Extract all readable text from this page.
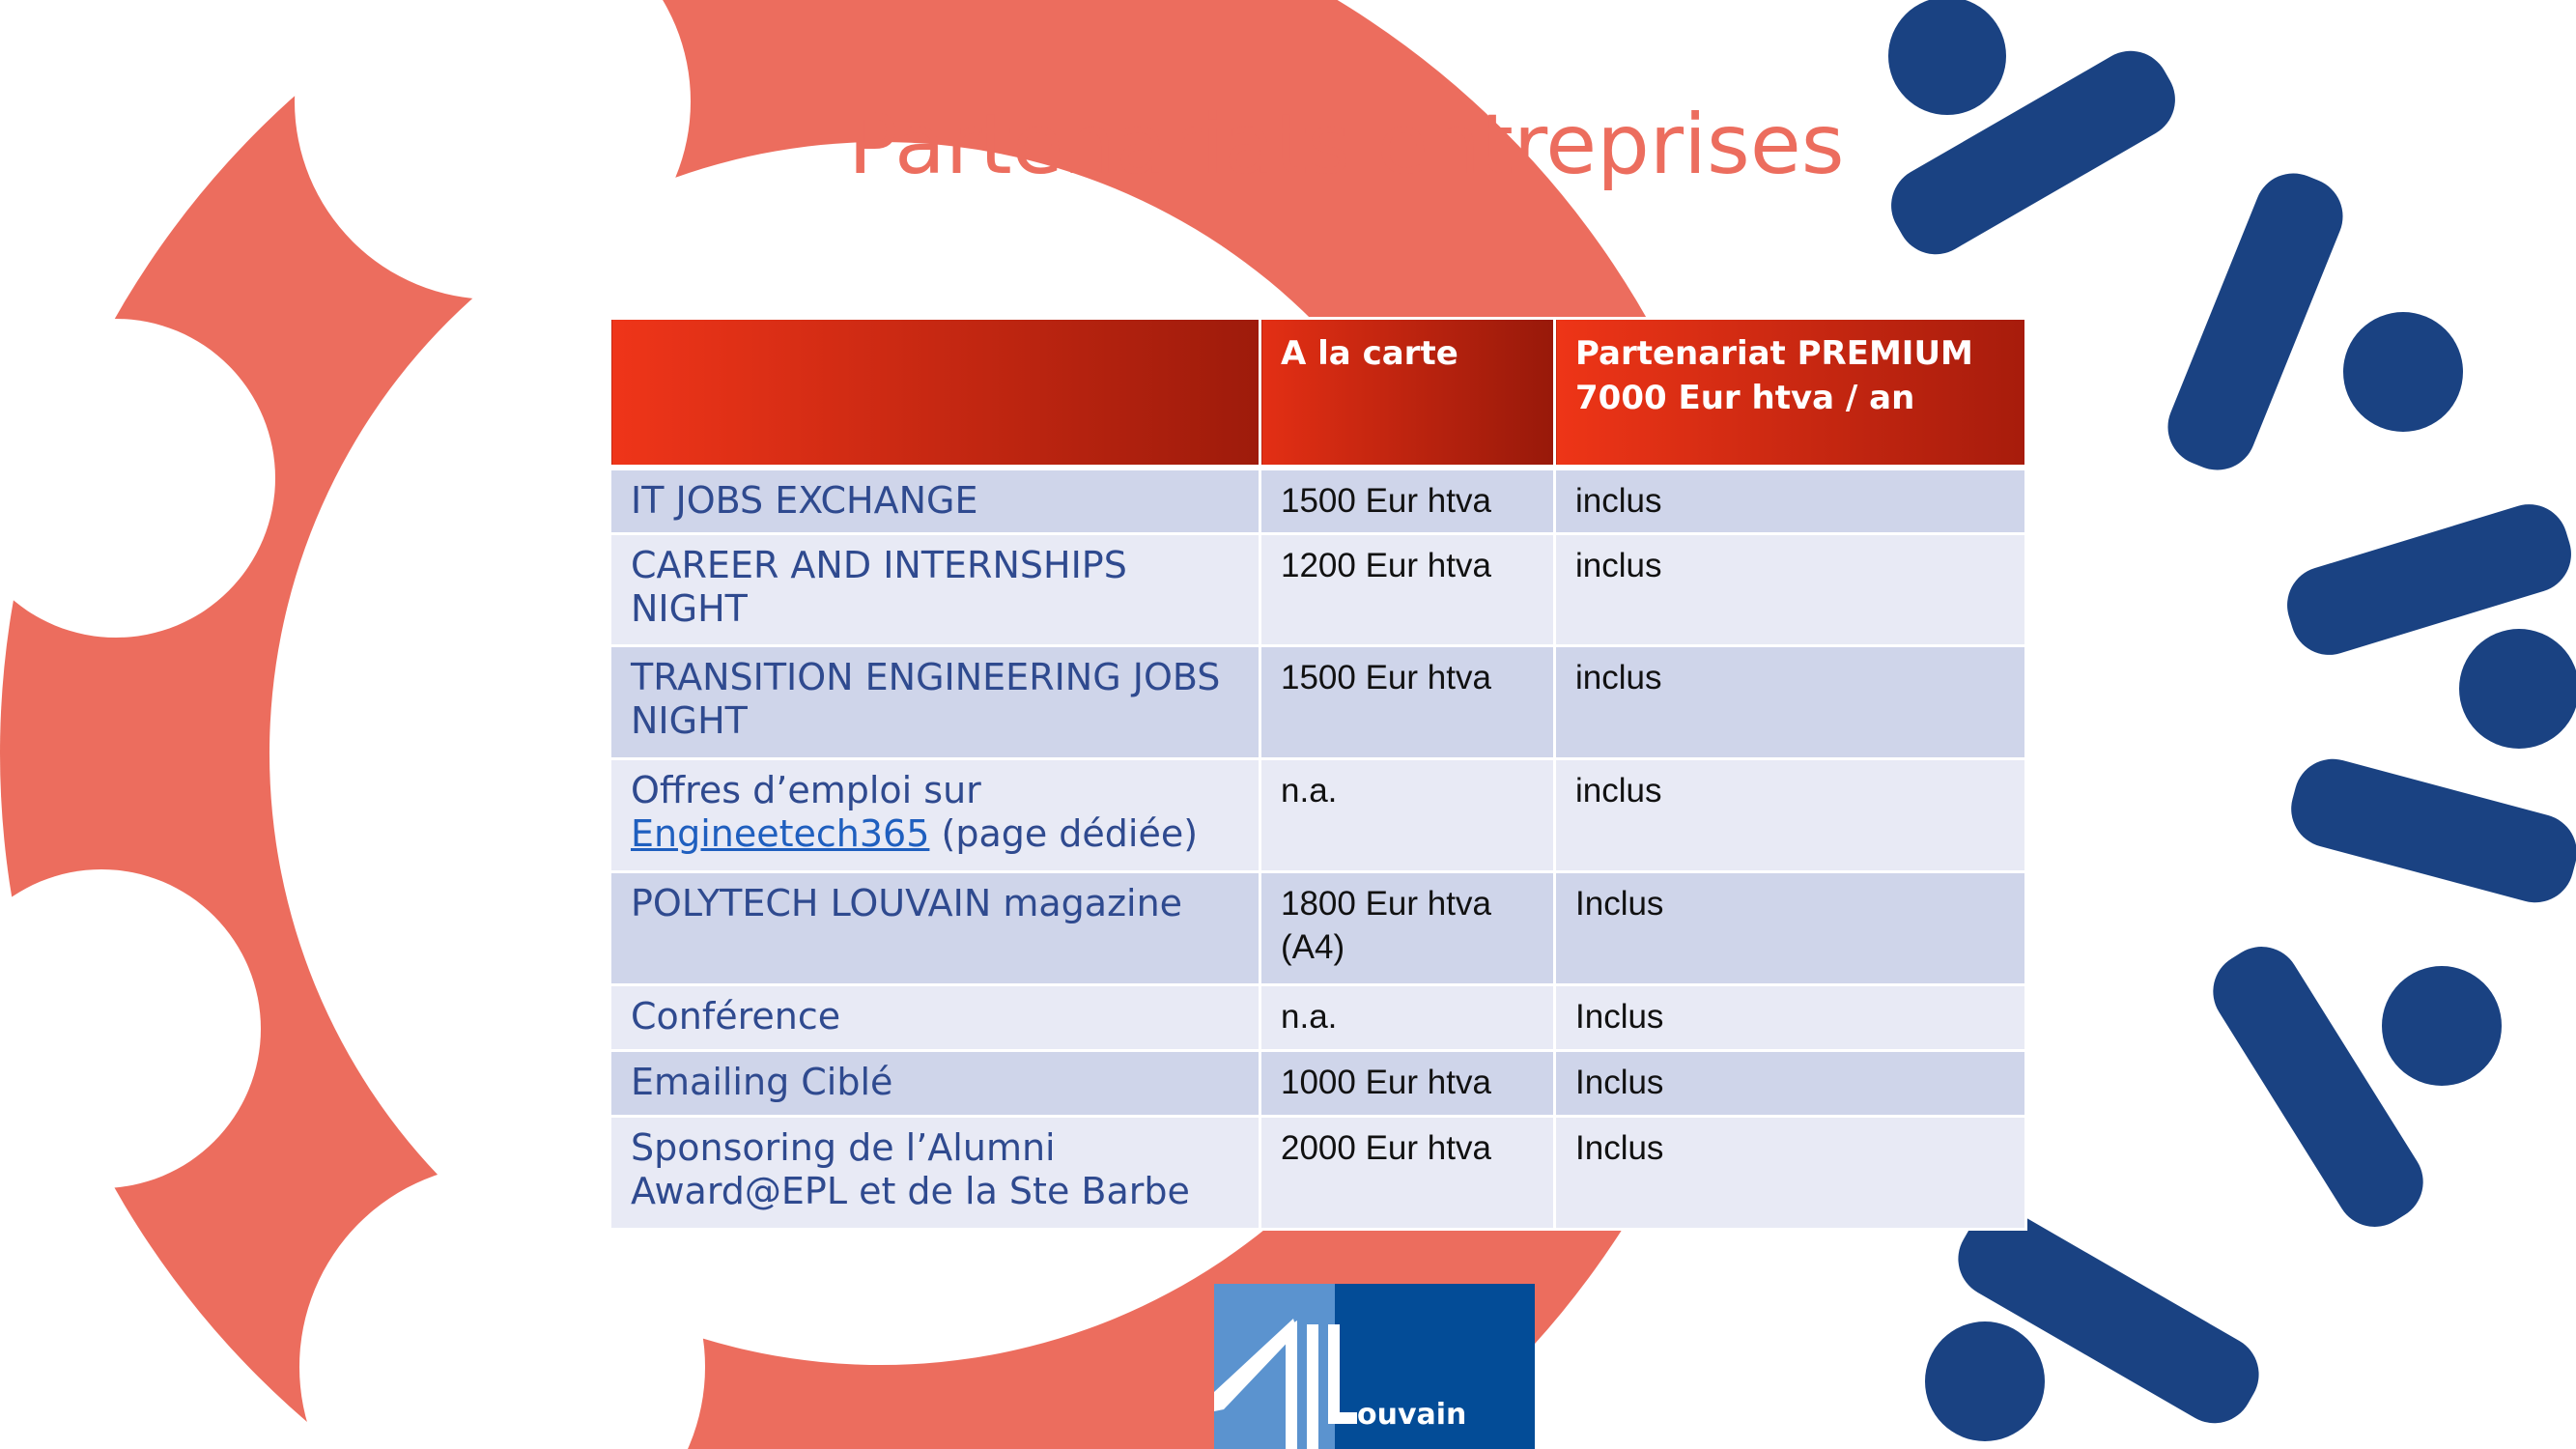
Partenariats entreprises
	A la carte	Partenariat PREMIUM
7000 Eur htva / an

IT JOBS EXCHANGE	1500 Eur htva	inclus
CAREER AND INTERNSHIPS NIGHT	1200 Eur htva	inclus
TRANSITION ENGINEERING JOBS NIGHT	1500 Eur htva	inclus
Offres d’emploi sur
Engineetech365 (page dédiée)	n.a.	inclus
POLYTECH LOUVAIN magazine	1800 Eur htva (A4)	Inclus
Conférence	n.a.	Inclus
Emailing Ciblé	1000 Eur htva	Inclus
Sponsoring de l’Alumni Award@EPL et de la Ste Barbe	2000 Eur htva	Inclus
ouvain
